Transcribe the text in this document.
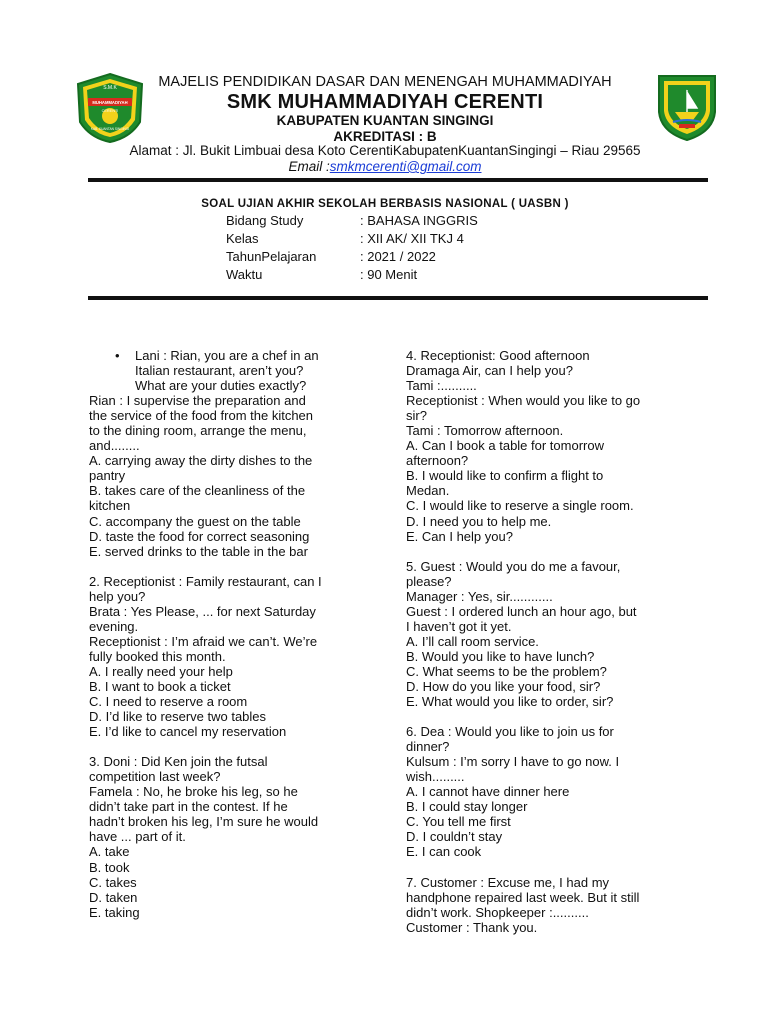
S.M.K
MUHAMMADIYAH
CERENTI
KAB. KUANTAN SINGINGI
MAJELIS PENDIDIKAN DASAR DAN MENENGAH MUHAMMADIYAH
SMK MUHAMMADIYAH CERENTI
KABUPATEN KUANTAN SINGINGI
AKREDITASI : B
Alamat : Jl. Bukit Limbuai desa Koto CerentiKabupatenKuantanSingingi – Riau 29565
Email :smkmcerenti@gmail.com
SOAL UJIAN AKHIR SEKOLAH BERBASIS NASIONAL ( UASBN )
Bidang Study	: BAHASA INGGRIS
Kelas	: XII AK/ XII TKJ 4
TahunPelajaran	: 2021 / 2022
Waktu	: 90 Menit
• Lani : Rian, you are a chef in an

Italian restaurant, aren’t you?

What are your duties exactly?

Rian : I supervise the preparation and

the service of the food from the kitchen

to the dining room, arrange the menu,

and........

A. carrying away the dirty dishes to the

pantry

B. takes care of the cleanliness of the

kitchen

C. accompany the guest on the table

D. taste the food for correct seasoning

E. served drinks to the table in the bar

2. Receptionist : Family restaurant, can I

help you?

Brata : Yes Please, ... for next Saturday

evening.

Receptionist : I’m afraid we can’t. We’re

fully booked this month.

A. I really need your help

B. I want to book a ticket

C. I need to reserve a room

D. I’d like to reserve two tables

E. I’d like to cancel my reservation

3. Doni : Did Ken join the futsal

competition last week?

Famela : No, he broke his leg, so he

didn’t take part in the contest. If he

hadn’t broken his leg, I’m sure he would

have ... part of it.

A. take

B. took

C. takes

D. taken

E. taking

4. Receptionist: Good afternoon

Dramaga Air, can I help you?

Tami :..........

Receptionist : When would you like to go

sir?

Tami : Tomorrow afternoon.

A. Can I book a table for tomorrow

afternoon?

B. I would like to confirm a flight to

Medan.

C. I would like to reserve a single room.

D. I need you to help me.

E. Can I help you?

5. Guest : Would you do me a favour,

please?

Manager : Yes, sir............

Guest : I ordered lunch an hour ago, but

I haven’t got it yet.

A. I’ll call room service.

B. Would you like to have lunch?

C. What seems to be the problem?

D. How do you like your food, sir?

E. What would you like to order, sir?

6. Dea : Would you like to join us for

dinner?

Kulsum : I’m sorry I have to go now. I

wish.........

A. I cannot have dinner here

B. I could stay longer

C. You tell me first

D. I couldn’t stay

E. I can cook

7. Customer : Excuse me, I had my

handphone repaired last week. But it still

didn’t work. Shopkeeper :..........

Customer : Thank you.
